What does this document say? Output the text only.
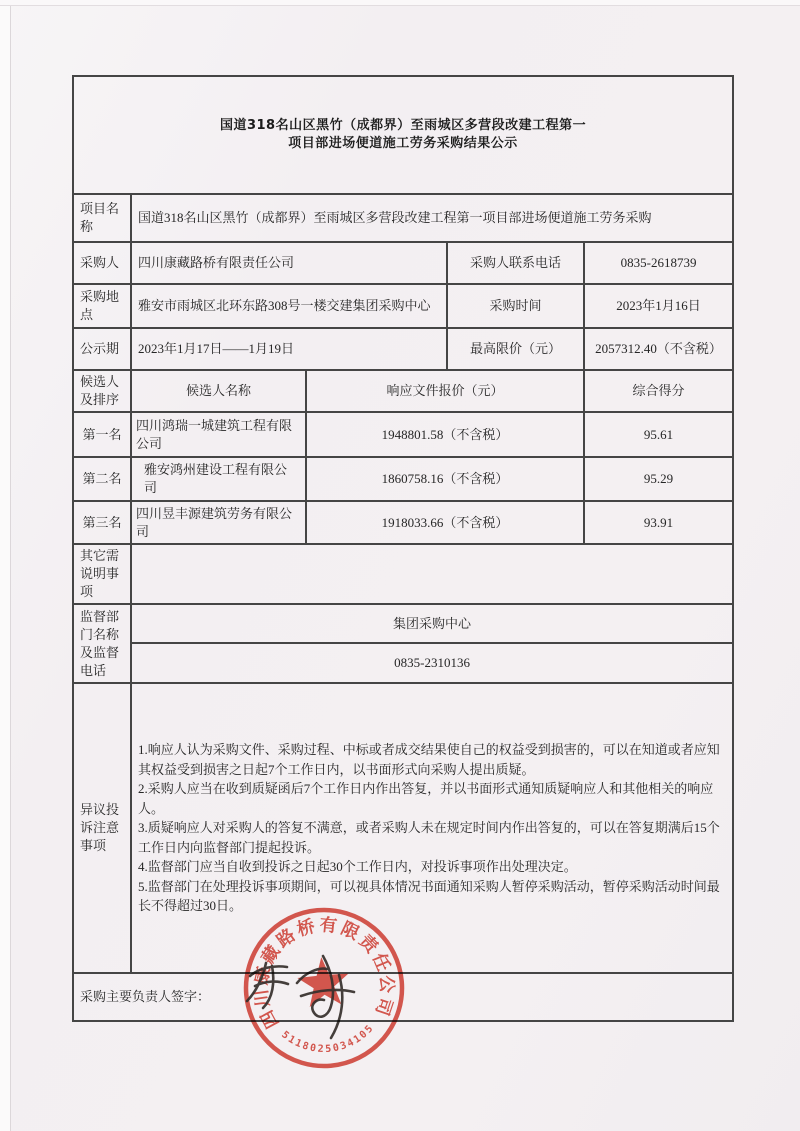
国道318名山区黑竹（成都界）至雨城区多营段改建工程第一
项目部进场便道施工劳务采购结果公示				

项目名称	国道318名山区黑竹（成都界）至雨城区多营段改建工程第一项目部进场便道施工劳务采购			
采购人	四川康藏路桥有限责任公司		采购人联系电话	0835-2618739
采购地点	雅安市雨城区北环东路308号一楼交建集团采购中心		采购时间	2023年1月16日
公示期	2023年1月17日——1月19日		最高限价（元）	2057312.40（不含税）
候选人及排序	候选人名称	响应文件报价（元）		综合得分
第一名	四川鸿瑞一城建筑工程有限公司	1948801.58（不含税）		95.61
第二名	雅安鸿州建设工程有限公司	1860758.16（不含税）		95.29
第三名	四川昱丰源建筑劳务有限公司	1918033.66（不含税）		93.91
其它需说明事项				
监督部门名称及监督电话	集团采购中心			
	0835-2310136			
异议投诉注意事项	1.响应人认为采购文件、采购过程、中标或者成交结果使自己的权益受到损害的，可以在知道或者应知其权益受到损害之日起7个工作日内，以书面形式向采购人提出质疑。

2.采购人应当在收到质疑函后7个工作日内作出答复，并以书面形式通知质疑响应人和其他相关的响应人。

3.质疑响应人对采购人的答复不满意，或者采购人未在规定时间内作出答复的，可以在答复期满后15个工作日内向监督部门提起投诉。

4.监督部门应当自收到投诉之日起30个工作日内，对投诉事项作出处理决定。

5.监督部门在处理投诉事项期间，可以视具体情况书面通知采购人暂停采购活动，暂停采购活动时间最长不得超过30日。			

采购主要负责人签字：				
四川康藏路桥有限责任公司
5118025034105
